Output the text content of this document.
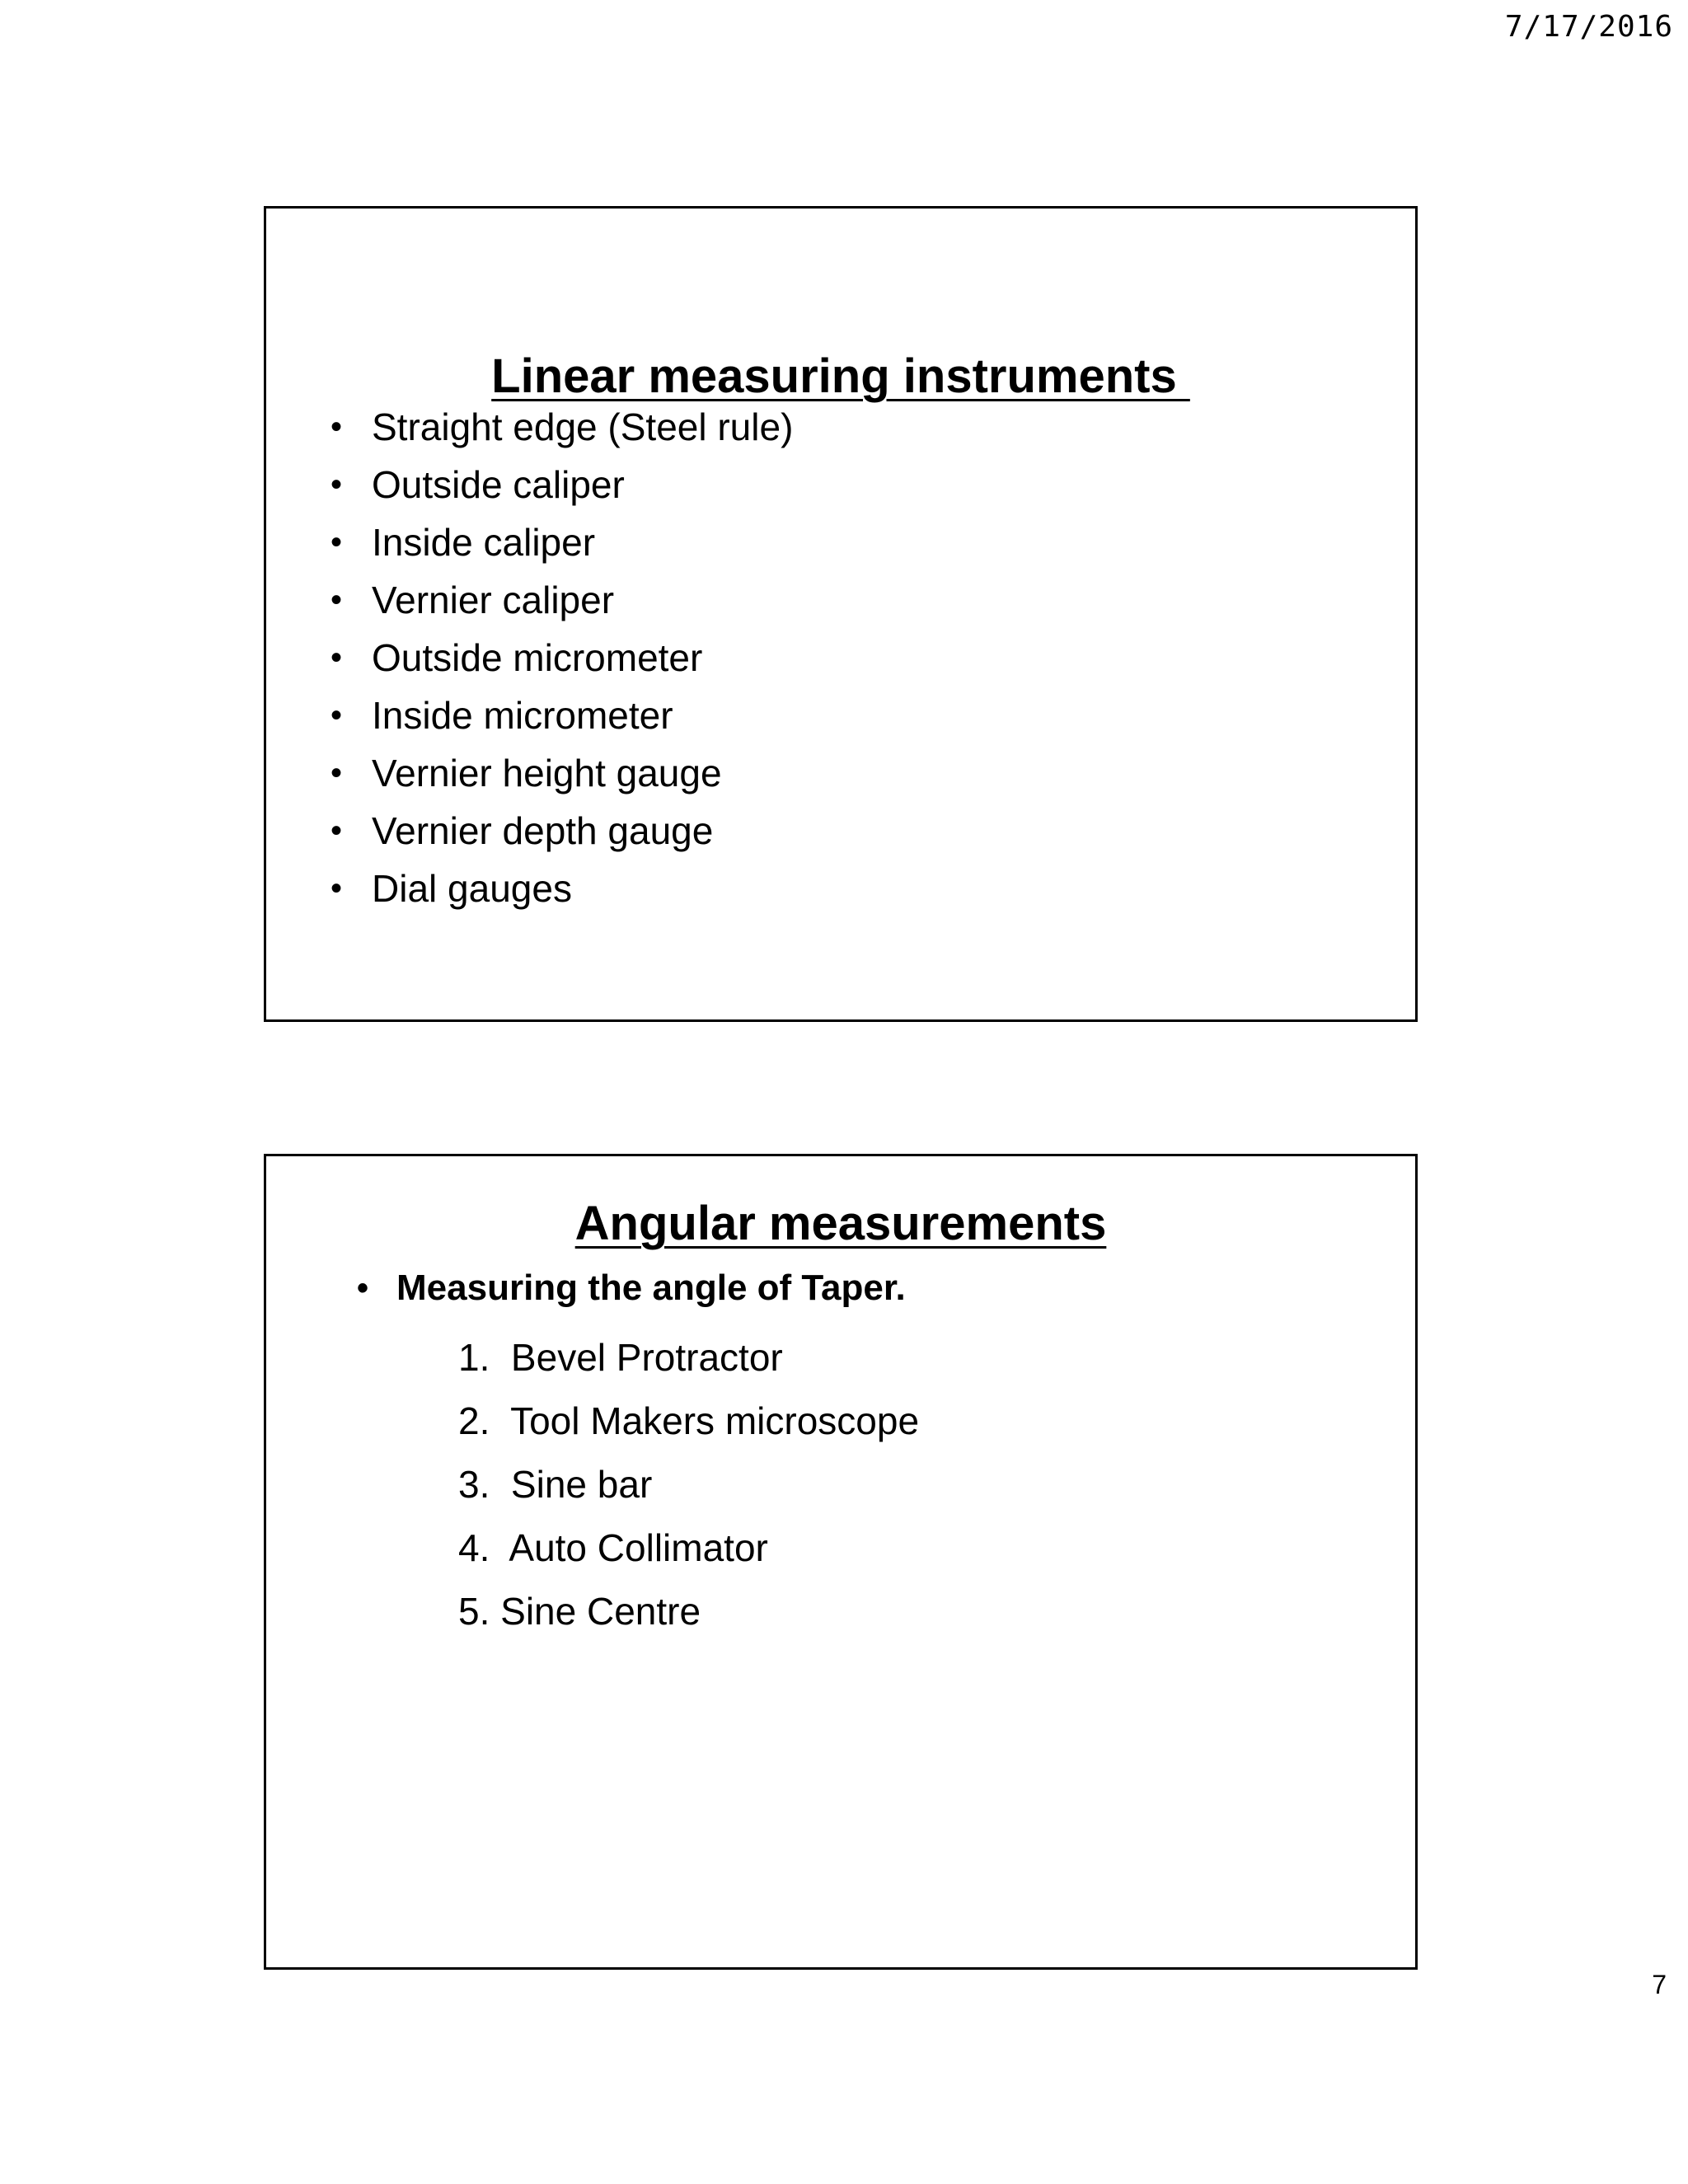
7/17/2016
Linear measuring instruments
• Straight edge (Steel rule)
• Outside caliper
• Inside caliper
• Vernier caliper
• Outside micrometer
• Inside micrometer
• Vernier height gauge
• Vernier depth gauge
• Dial gauges
Angular measurements
• Measuring the angle of Taper.
1.  Bevel Protractor
2.  Tool Makers microscope
3.  Sine bar
4.  Auto Collimator
5. Sine Centre
7
